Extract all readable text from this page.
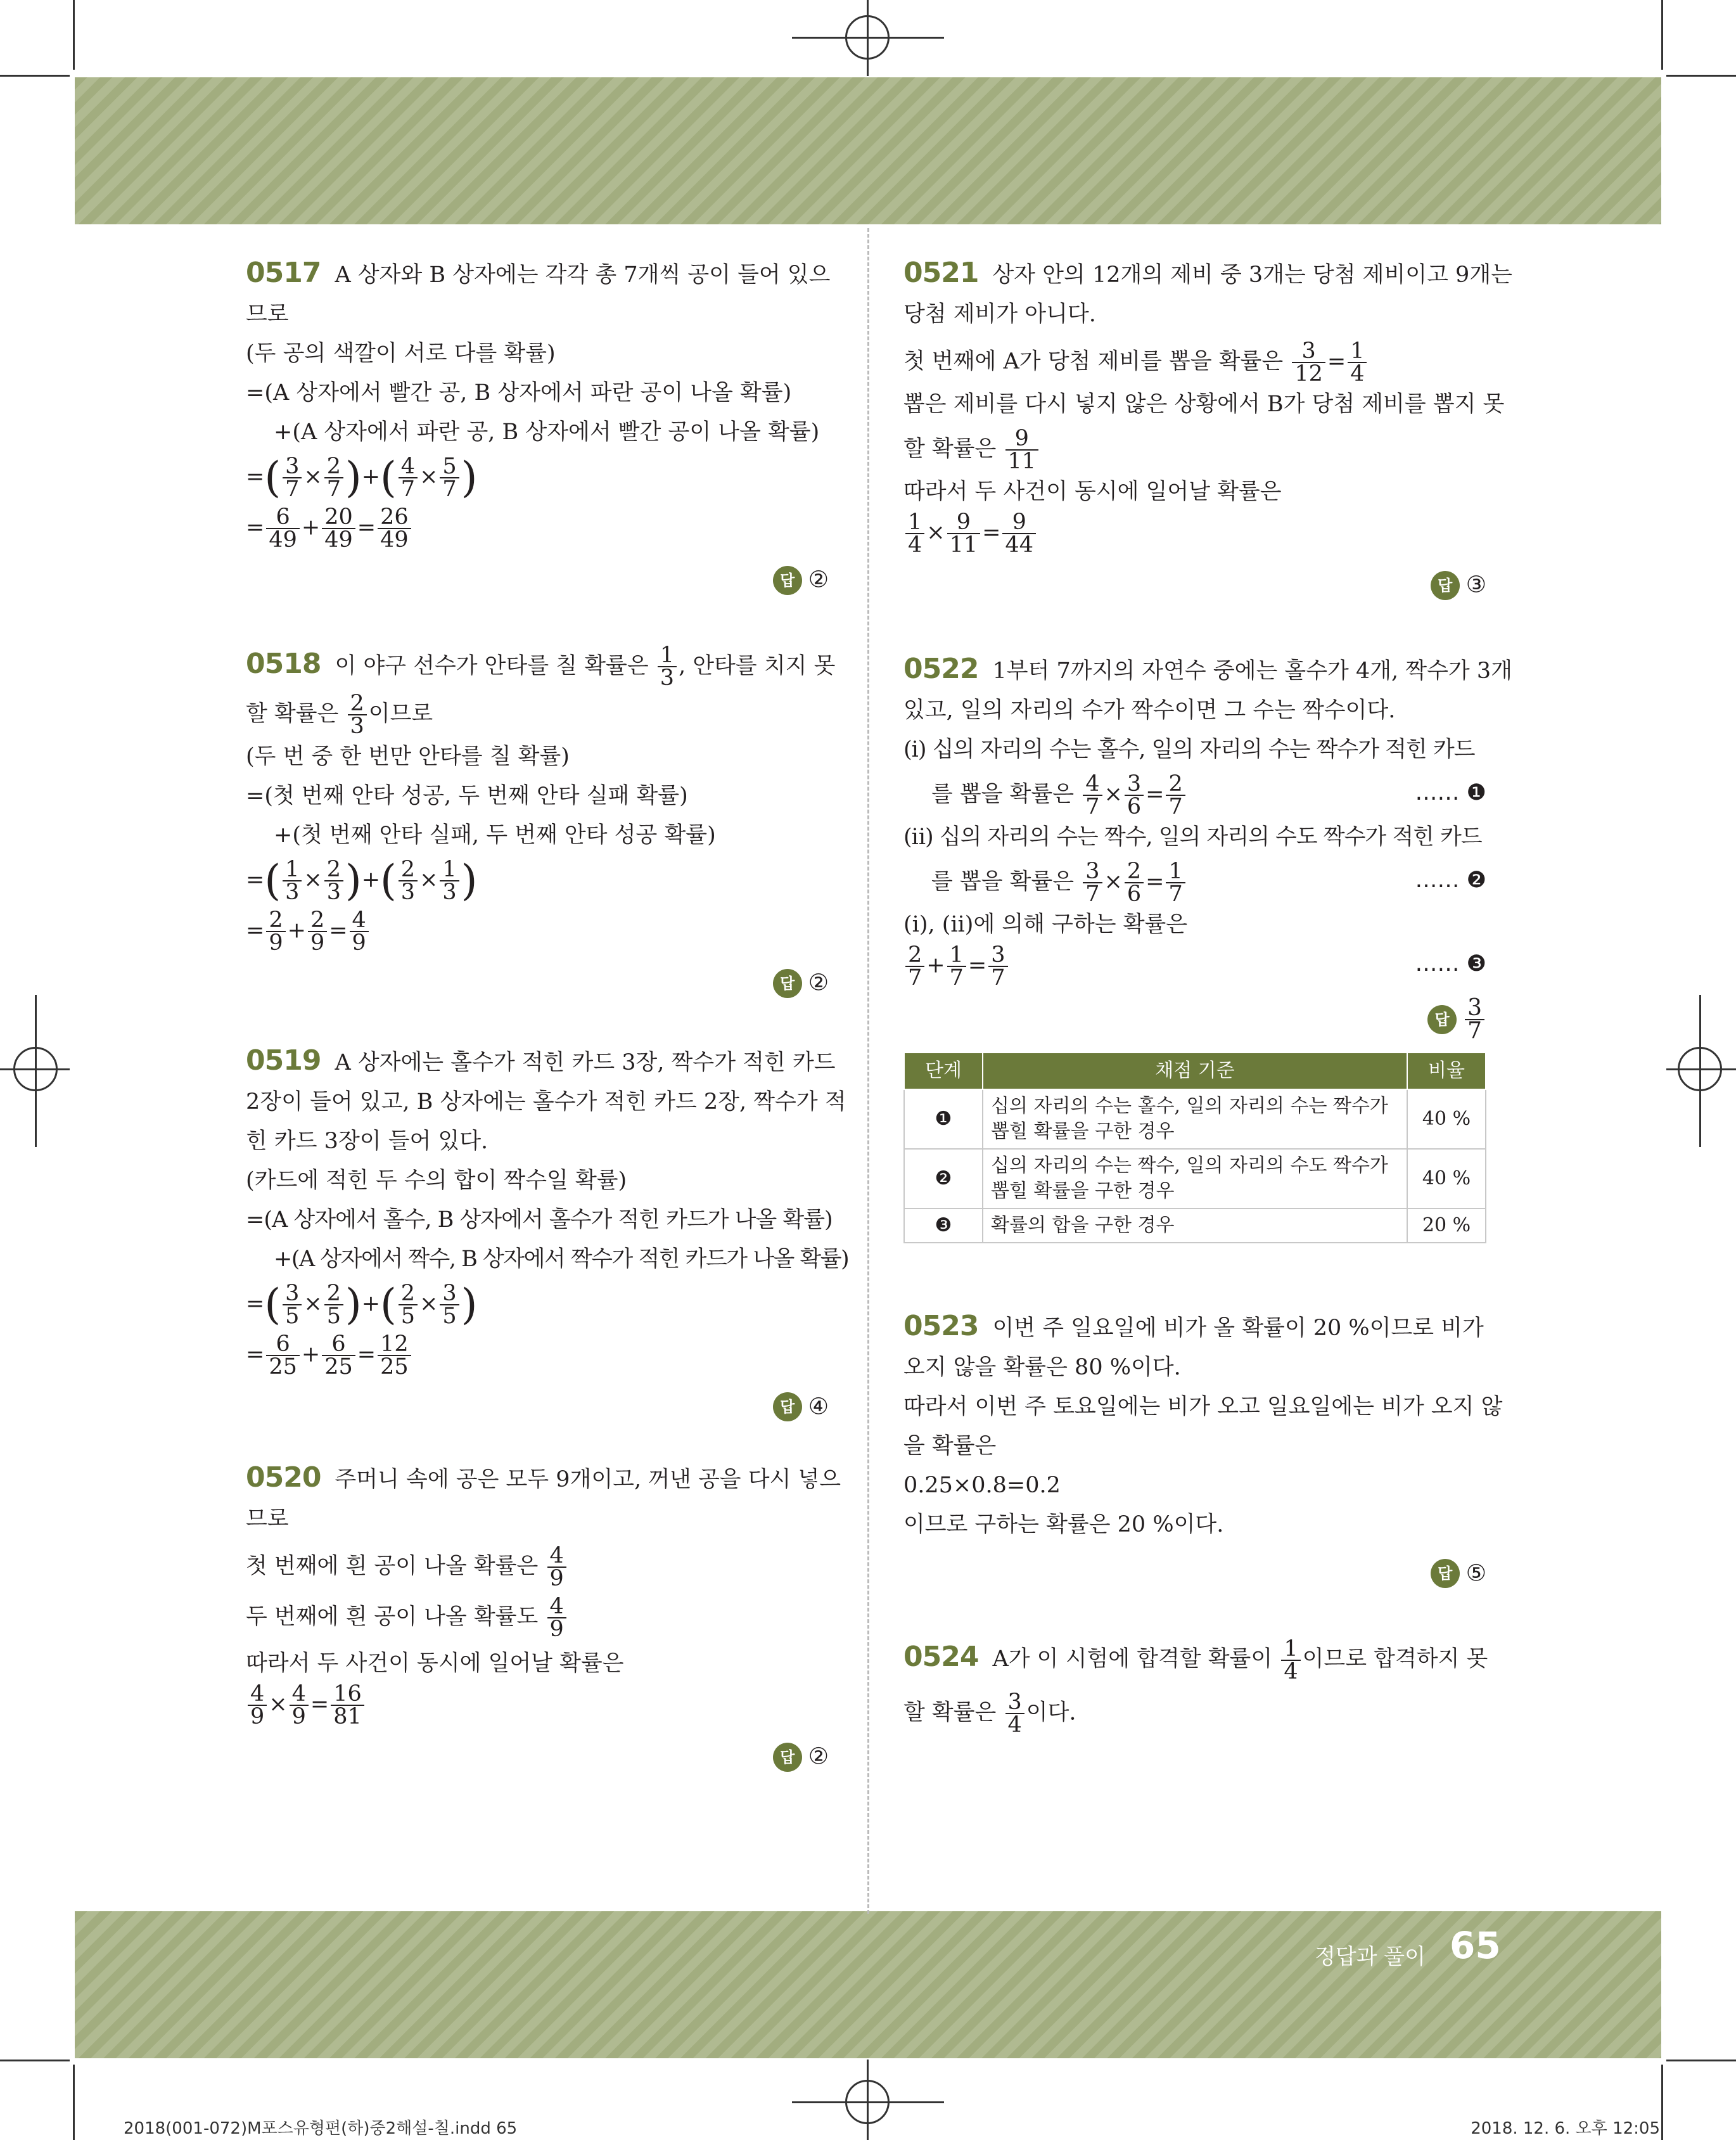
0517 A 상자와 B 상자에는 각각 총 7개씩 공이 들어 있으
므로
(두 공의 색깔이 서로 다를 확률)
=(A 상자에서 빨간 공, B 상자에서 파란 공이 나올 확률)
+(A 상자에서 파란 공, B 상자에서 빨간 공이 나올 확률)
=( $\frac{3}{7} \times \frac{2}{7}$ )+( $\frac{4}{7} \times \frac{5}{7}$ )
= $\frac{6}{49} + \frac{20}{49} = \frac{26}{49}$
답 ②
0518 이 야구 선수가 안타를 칠 확률은 $\frac{1}{3}$ , 안타를 치지 못
할 확률은 $\frac{2}{3}$ 이므로
(두 번 중 한 번만 안타를 칠 확률)
=(첫 번째 안타 성공, 두 번째 안타 실패 확률)
+(첫 번째 안타 실패, 두 번째 안타 성공 확률)
=( $\frac{1}{3} \times \frac{2}{3}$ )+( $\frac{2}{3} \times \frac{1}{3}$ )
= $\frac{2}{9} + \frac{2}{9} = \frac{4}{9}$
답 ②
0519 A 상자에는 홀수가 적힌 카드 3장, 짝수가 적힌 카드
2장이 들어 있고, B 상자에는 홀수가 적힌 카드 2장, 짝수가 적
힌 카드 3장이 들어 있다.
(카드에 적힌 두 수의 합이 짝수일 확률)
=(A 상자에서 홀수, B 상자에서 홀수가 적힌 카드가 나올 확률)
+(A 상자에서 짝수, B 상자에서 짝수가 적힌 카드가 나올 확률)
=( $\frac{3}{5} \times \frac{2}{5}$ )+( $\frac{2}{5} \times \frac{3}{5}$ )
= $\frac{6}{25} + \frac{6}{25} = \frac{12}{25}$
답 ④
0520 주머니 속에 공은 모두 9개이고, 꺼낸 공을 다시 넣으
므로
첫 번째에 흰 공이 나올 확률은 $\frac{4}{9}$
두 번째에 흰 공이 나올 확률도 $\frac{4}{9}$
따라서 두 사건이 동시에 일어날 확률은
$\frac{4}{9} \times \frac{4}{9} = \frac{16}{81}$
답 ②
0521 상자 안의 12개의 제비 중 3개는 당첨 제비이고 9개는
당첨 제비가 아니다.
첫 번째에 A가 당첨 제비를 뽑을 확률은 $\frac{3}{12} = \frac{1}{4}$
뽑은 제비를 다시 넣지 않은 상황에서 B가 당첨 제비를 뽑지 못
할 확률은 $\frac{9}{11}$
따라서 두 사건이 동시에 일어날 확률은
$\frac{1}{4} \times \frac{9}{11} = \frac{9}{44}$
답 ③
0522 1부터 7까지의 자연수 중에는 홀수가 4개, 짝수가 3개
있고, 일의 자리의 수가 짝수이면 그 수는 짝수이다.
(ⅰ) 십의 자리의 수는 홀수, 일의 자리의 수는 짝수가 적힌 카드
를 뽑을 확률은 $\frac{4}{7} \times \frac{3}{6} = \frac{2}{7}$	…… ❶
(ⅱ) 십의 자리의 수는 짝수, 일의 자리의 수도 짝수가 적힌 카드
를 뽑을 확률은 $\frac{3}{7} \times \frac{2}{6} = \frac{1}{7}$	…… ❷
(ⅰ), (ⅱ)에 의해 구하는 확률은
$\frac{2}{7} + \frac{1}{7} = \frac{3}{7}$	…… ❸
답 $\frac{3}{7}$
단계	채점 기준	비율
❶	십의 자리의 수는 홀수, 일의 자리의 수는 짝수가 뽑힐 확률을 구한 경우	40 %
❷	십의 자리의 수는 짝수, 일의 자리의 수도 짝수가 뽑힐 확률을 구한 경우	40 %
❸	확률의 합을 구한 경우	20 %
0523 이번 주 일요일에 비가 올 확률이 20 %이므로 비가
오지 않을 확률은 80 %이다.
따라서 이번 주 토요일에는 비가 오고 일요일에는 비가 오지 않
을 확률은
0.25×0.8=0.2
이므로 구하는 확률은 20 %이다.
답 ⑤
0524 A가 이 시험에 합격할 확률이 $\frac{1}{4}$ 이므로 합격하지 못
할 확률은 $\frac{3}{4}$ 이다.
정답과 풀이 65
2018(001-072)M포스유형편(하)중2해설-칠.indd 65	2018. 12. 6. 오후 12:05
